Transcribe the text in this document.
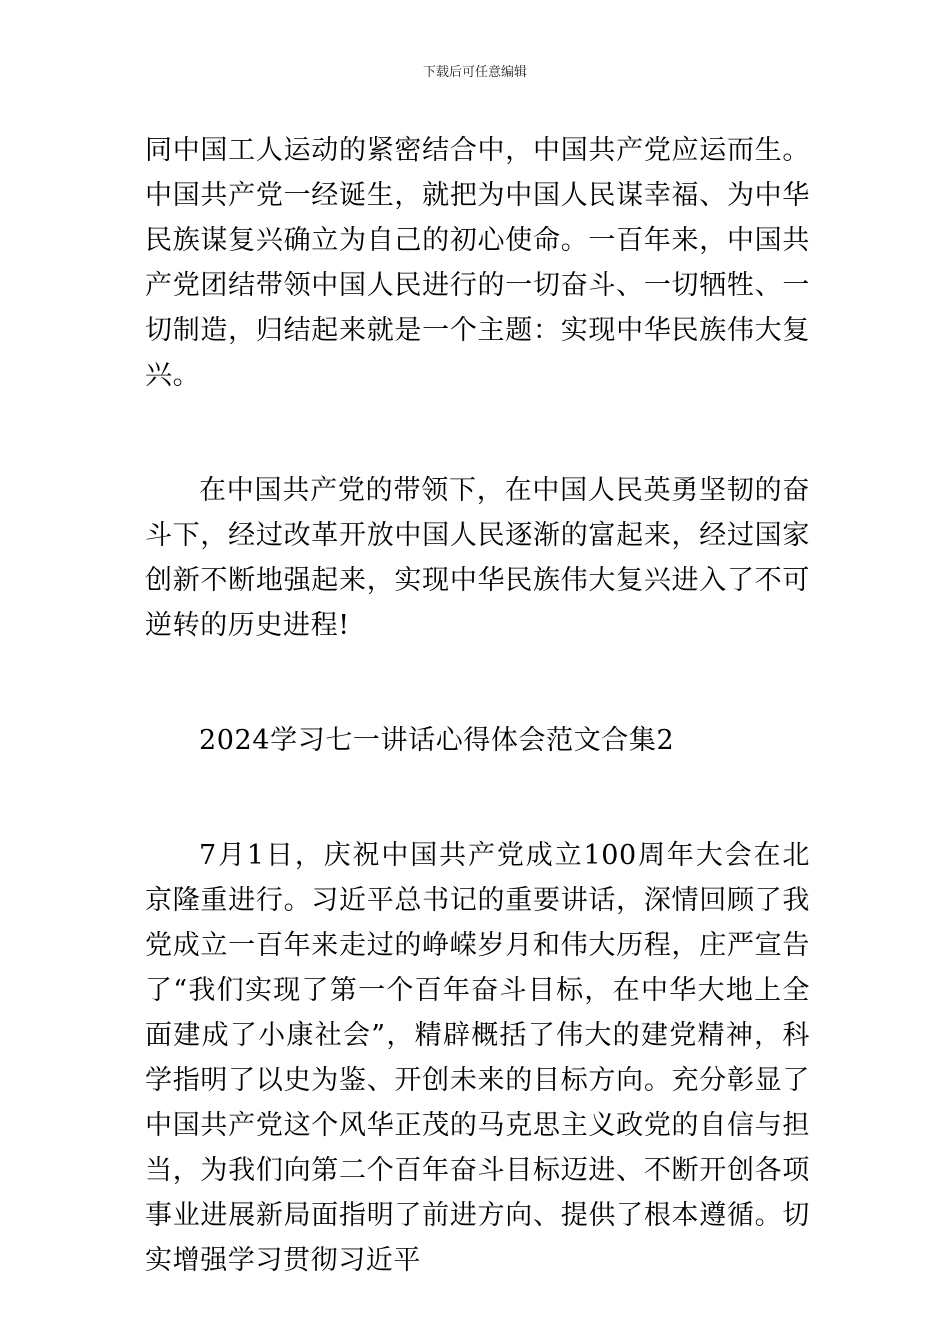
下载后可任意编辑

同中国工人运动的紧密结合中，中国共产党应运而生。中国共产党一经诞生，就把为中国人民谋幸福、为中华民族谋复兴确立为自己的初心使命。一百年来，中国共产党团结带领中国人民进行的一切奋斗、一切牺牲、一切制造，归结起来就是一个主题：实现中华民族伟大复兴。

在中国共产党的带领下，在中国人民英勇坚韧的奋斗下，经过改革开放中国人民逐渐的富起来，经过国家创新不断地强起来，实现中华民族伟大复兴进入了不可逆转的历史进程!

2024学习七一讲话心得体会范文合集2

7月1日，庆祝中国共产党成立100周年大会在北京隆重进行。习近平总书记的重要讲话，深情回顾了我党成立一百年来走过的峥嵘岁月和伟大历程，庄严宣告了“我们实现了第一个百年奋斗目标，在中华大地上全面建成了小康社会”，精辟概括了伟大的建党精神，科学指明了以史为鉴、开创未来的目标方向。充分彰显了中国共产党这个风华正茂的马克思主义政党的自信与担当，为我们向第二个百年奋斗目标迈进、不断开创各项事业进展新局面指明了前进方向、提供了根本遵循。切实增强学习贯彻习近平
